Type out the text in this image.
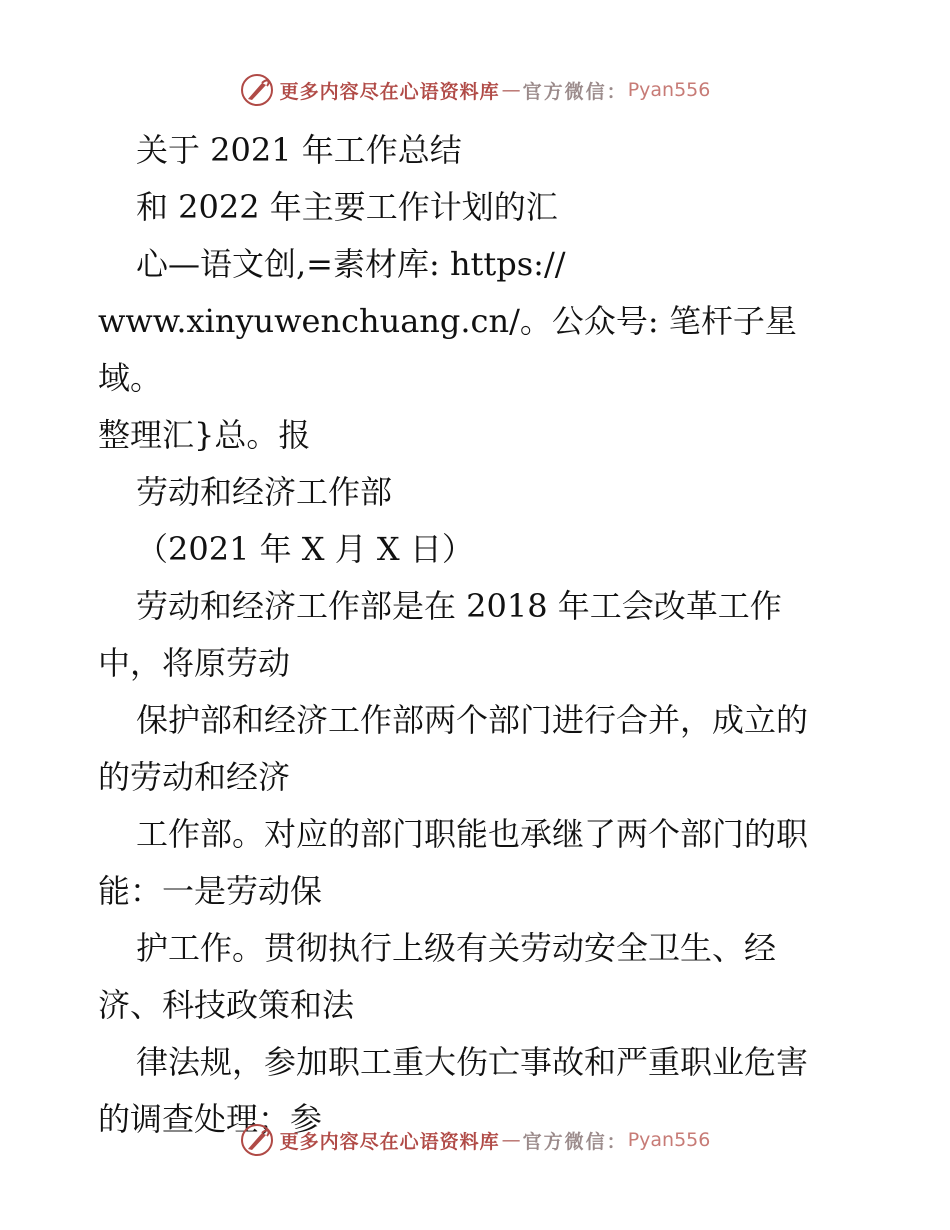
更多内容尽在心语资料库 — 官方微信： Pyan556

关于 2021 年工作总结

和 2022 年主要工作计划的汇

心—语文创,=素材库: https://

www.xinyuwenchuang.cn/。公众号: 笔杆子星域。

整理汇}总。报

劳动和经济工作部

（2021 年 X 月 X 日）

劳动和经济工作部是在 2018 年工会改革工作

中，将原劳动

保护部和经济工作部两个部门进行合并，成立的

的劳动和经济

工作部。对应的部门职能也承继了两个部门的职

能：一是劳动保

护工作。贯彻执行上级有关劳动安全卫生、经

济、科技政策和法

律法规，参加职工重大伤亡事故和严重职业危害

的调查处理；参

更多内容尽在心语资料库 — 官方微信： Pyan556
